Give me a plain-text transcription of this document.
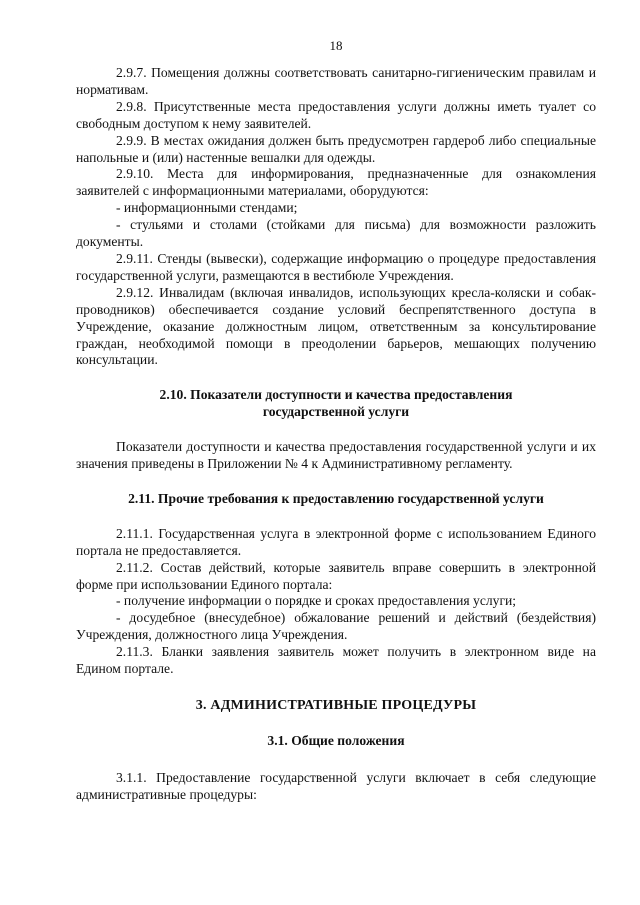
18

2.9.7. Помещения должны соответствовать санитарно-гигиеническим правилам и нормативам.

2.9.8. Присутственные места предоставления услуги должны иметь туалет со свободным доступом к нему заявителей.

2.9.9. В местах ожидания должен быть предусмотрен гардероб либо специальные напольные и (или) настенные вешалки для одежды.

2.9.10. Места для информирования, предназначенные для ознакомления заявителей с информационными материалами, оборудуются:

- информационными стендами;

- стульями и столами (стойками для письма) для возможности разложить документы.

2.9.11. Стенды (вывески), содержащие информацию о процедуре предоставления государственной услуги, размещаются в вестибюле Учреждения.

2.9.12. Инвалидам (включая инвалидов, использующих кресла-коляски и собак-проводников) обеспечивается создание условий беспрепятственного доступа в Учреждение, оказание должностным лицом, ответственным за консультирование граждан, необходимой помощи в преодолении барьеров, мешающих получению консультации.

2.10. Показатели доступности и качества предоставления
государственной услуги

Показатели доступности и качества предоставления государственной услуги и их значения приведены в Приложении № 4 к Административному регламенту.

2.11. Прочие требования к предоставлению государственной услуги

2.11.1. Государственная услуга в электронной форме с использованием Единого портала не предоставляется.

2.11.2. Состав действий, которые заявитель вправе совершить в электронной форме при использовании Единого портала:

- получение информации о порядке и сроках предоставления услуги;

- досудебное (внесудебное) обжалование решений и действий (бездействия) Учреждения, должностного лица Учреждения.

2.11.3. Бланки заявления заявитель может получить в электронном виде на Едином портале.

3. АДМИНИСТРАТИВНЫЕ ПРОЦЕДУРЫ
3.1. Общие положения

3.1.1. Предоставление государственной услуги включает в себя следующие административные процедуры:
